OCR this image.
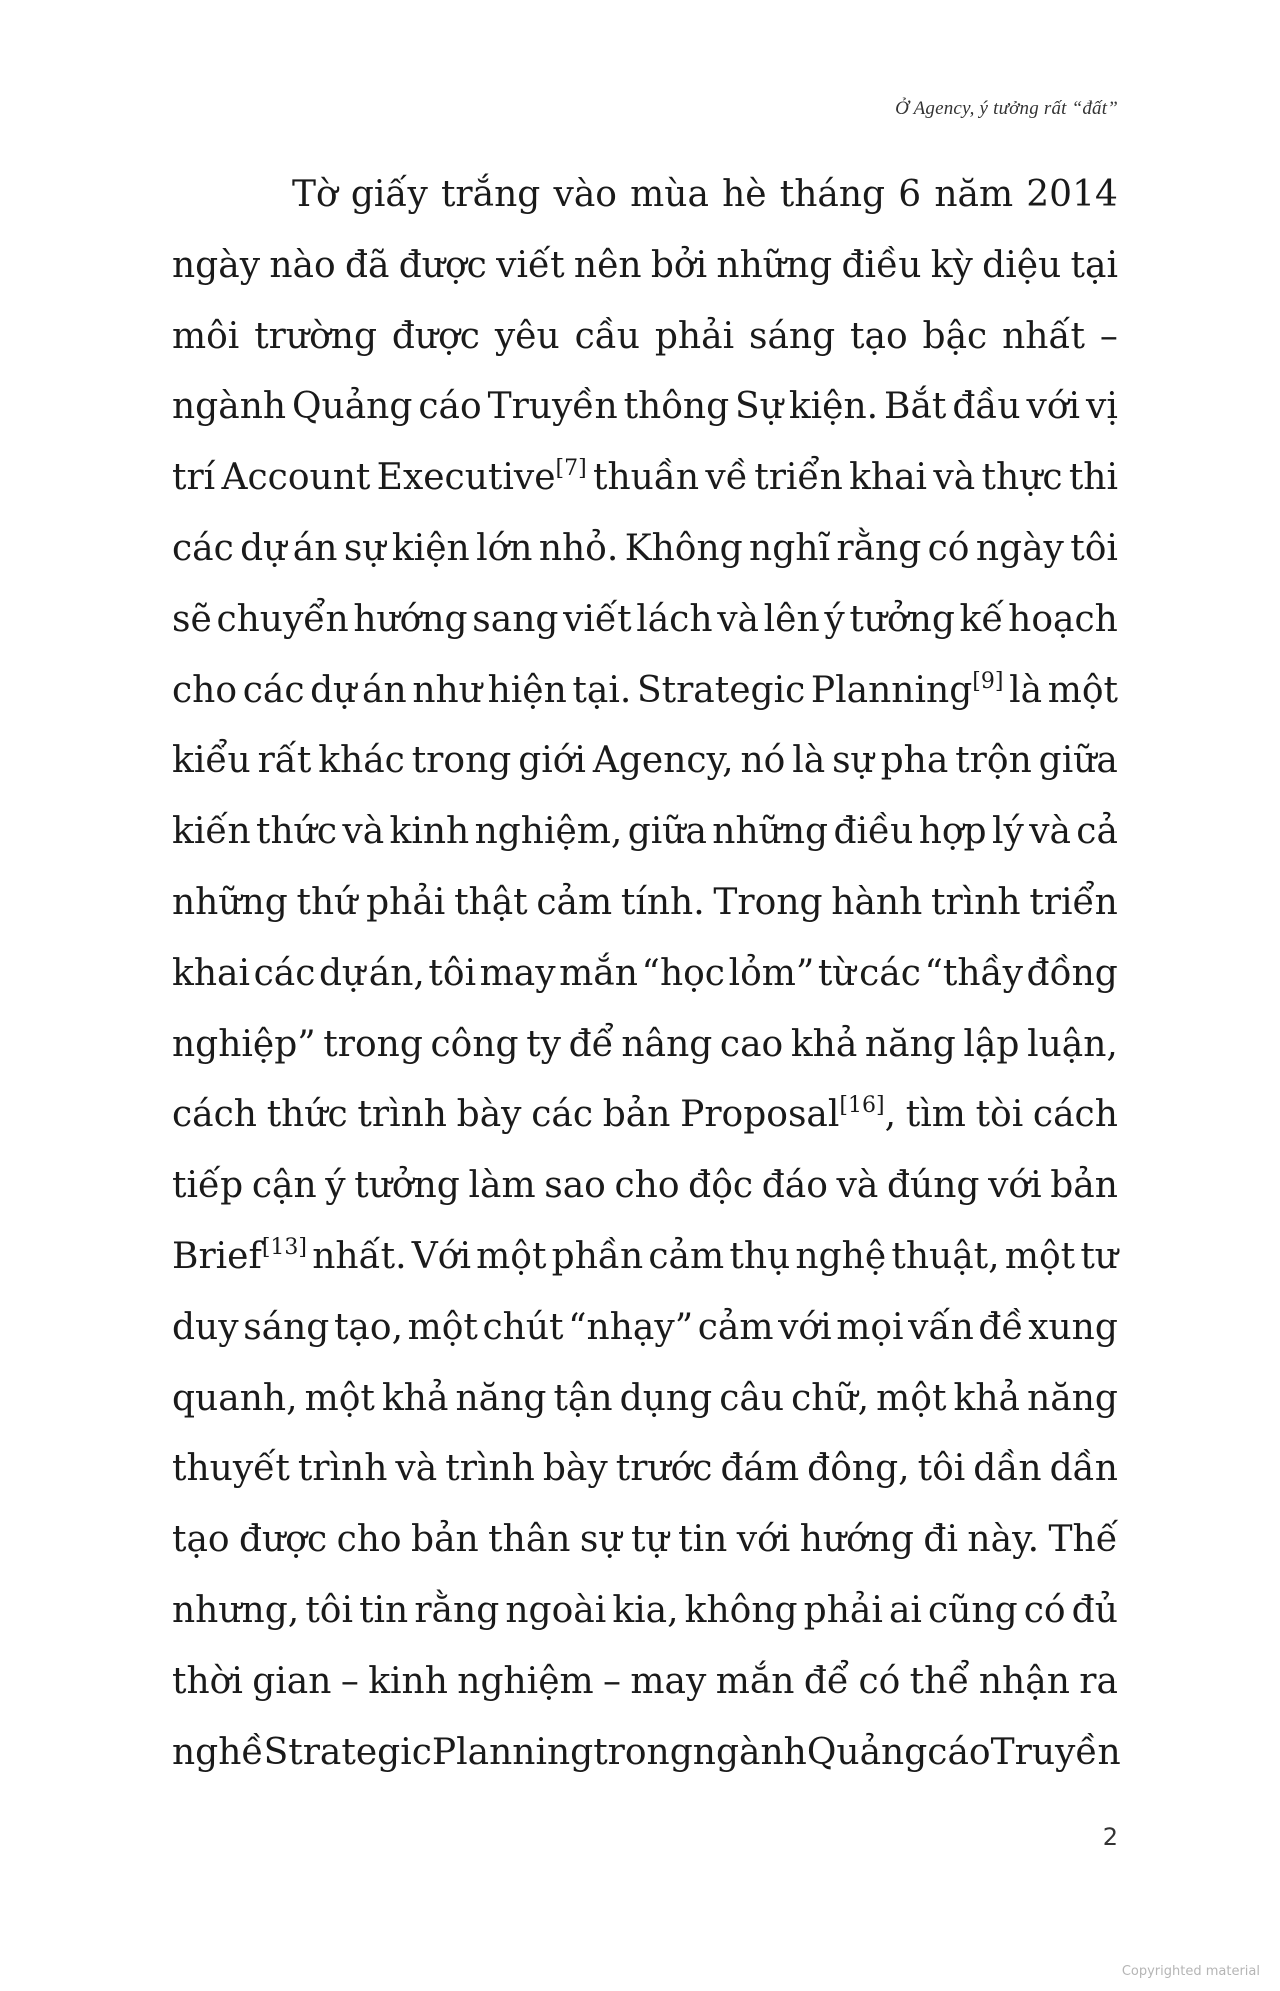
Ở Agency, ý tưởng rất “đất”
Tờ giấy trắng vào mùa hè tháng 6 năm 2014
ngày nào đã được viết nên bởi những điều kỳ diệu tại
môi trường được yêu cầu phải sáng tạo bậc nhất –
ngành Quảng cáo Truyền thông Sự kiện. Bắt đầu với vị
trí Account Executive[7] thuần về triển khai và thực thi
các dự án sự kiện lớn nhỏ. Không nghĩ rằng có ngày tôi
sẽ chuyển hướng sang viết lách và lên ý tưởng kế hoạch
cho các dự án như hiện tại. Strategic Planning[9] là một
kiểu rất khác trong giới Agency, nó là sự pha trộn giữa
kiến thức và kinh nghiệm, giữa những điều hợp lý và cả
những thứ phải thật cảm tính. Trong hành trình triển
khai các dự án, tôi may mắn “học lỏm” từ các “thầy đồng
nghiệp” trong công ty để nâng cao khả năng lập luận,
cách thức trình bày các bản Proposal[16], tìm tòi cách
tiếp cận ý tưởng làm sao cho độc đáo và đúng với bản
Brief[13] nhất. Với một phần cảm thụ nghệ thuật, một tư
duy sáng tạo, một chút “nhạy” cảm với mọi vấn đề xung
quanh, một khả năng tận dụng câu chữ, một khả năng
thuyết trình và trình bày trước đám đông, tôi dần dần
tạo được cho bản thân sự tự tin với hướng đi này. Thế
nhưng, tôi tin rằng ngoài kia, không phải ai cũng có đủ
thời gian – kinh nghiệm – may mắn để có thể nhận ra
nghề Strategic Planning trong ngành Quảng cáo Truyền
2
Copyrighted material
